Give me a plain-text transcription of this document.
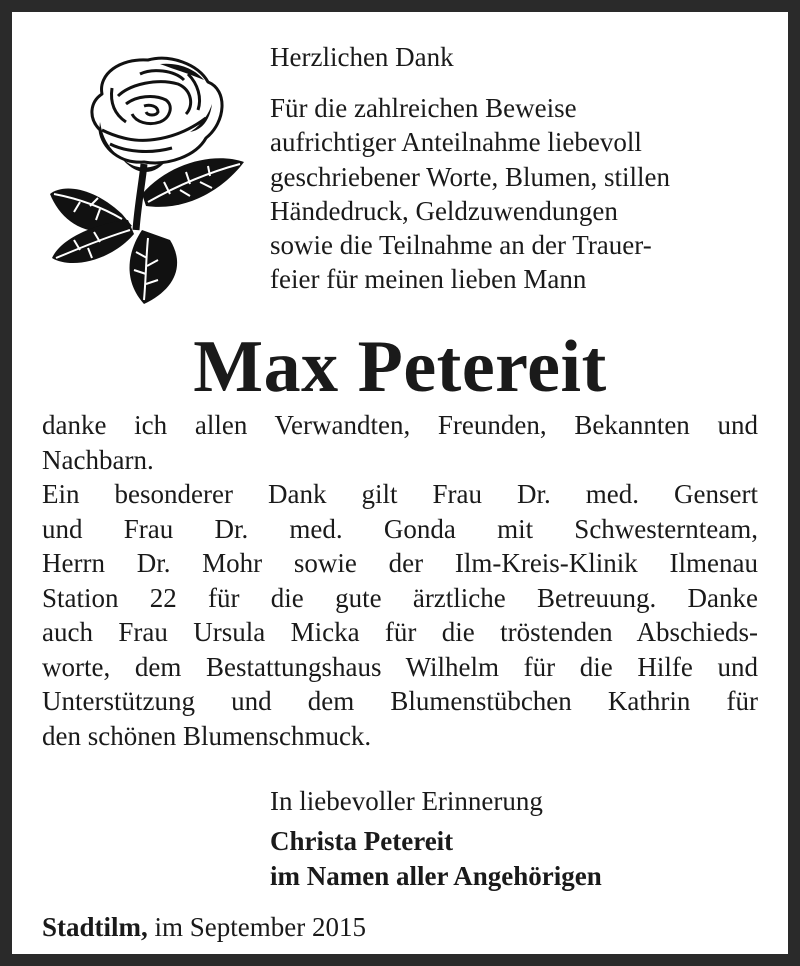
Herzlichen Dank
Für die zahlreichen Beweise
aufrichtiger Anteilnahme liebevoll
geschriebener Worte, Blumen, stillen
Händedruck, Geldzuwendungen
sowie die Teilnahme an der Trauer-
feier für meinen lieben Mann
Max Petereit
danke ich allen Verwandten, Freunden, Bekannten und
Nachbarn.
Ein besonderer Dank gilt Frau Dr. med. Gensert
und Frau Dr. med. Gonda mit Schwesternteam,
Herrn Dr. Mohr sowie der Ilm-Kreis-Klinik Ilmenau
Station 22 für die gute ärztliche Betreuung. Danke
auch Frau Ursula Micka für die tröstenden Abschieds-
worte, dem Bestattungshaus Wilhelm für die Hilfe und
Unterstützung und dem Blumenstübchen Kathrin für
den schönen Blumenschmuck.
In liebevoller Erinnerung
Christa Petereit
im Namen aller Angehörigen
Stadtilm, im September 2015
